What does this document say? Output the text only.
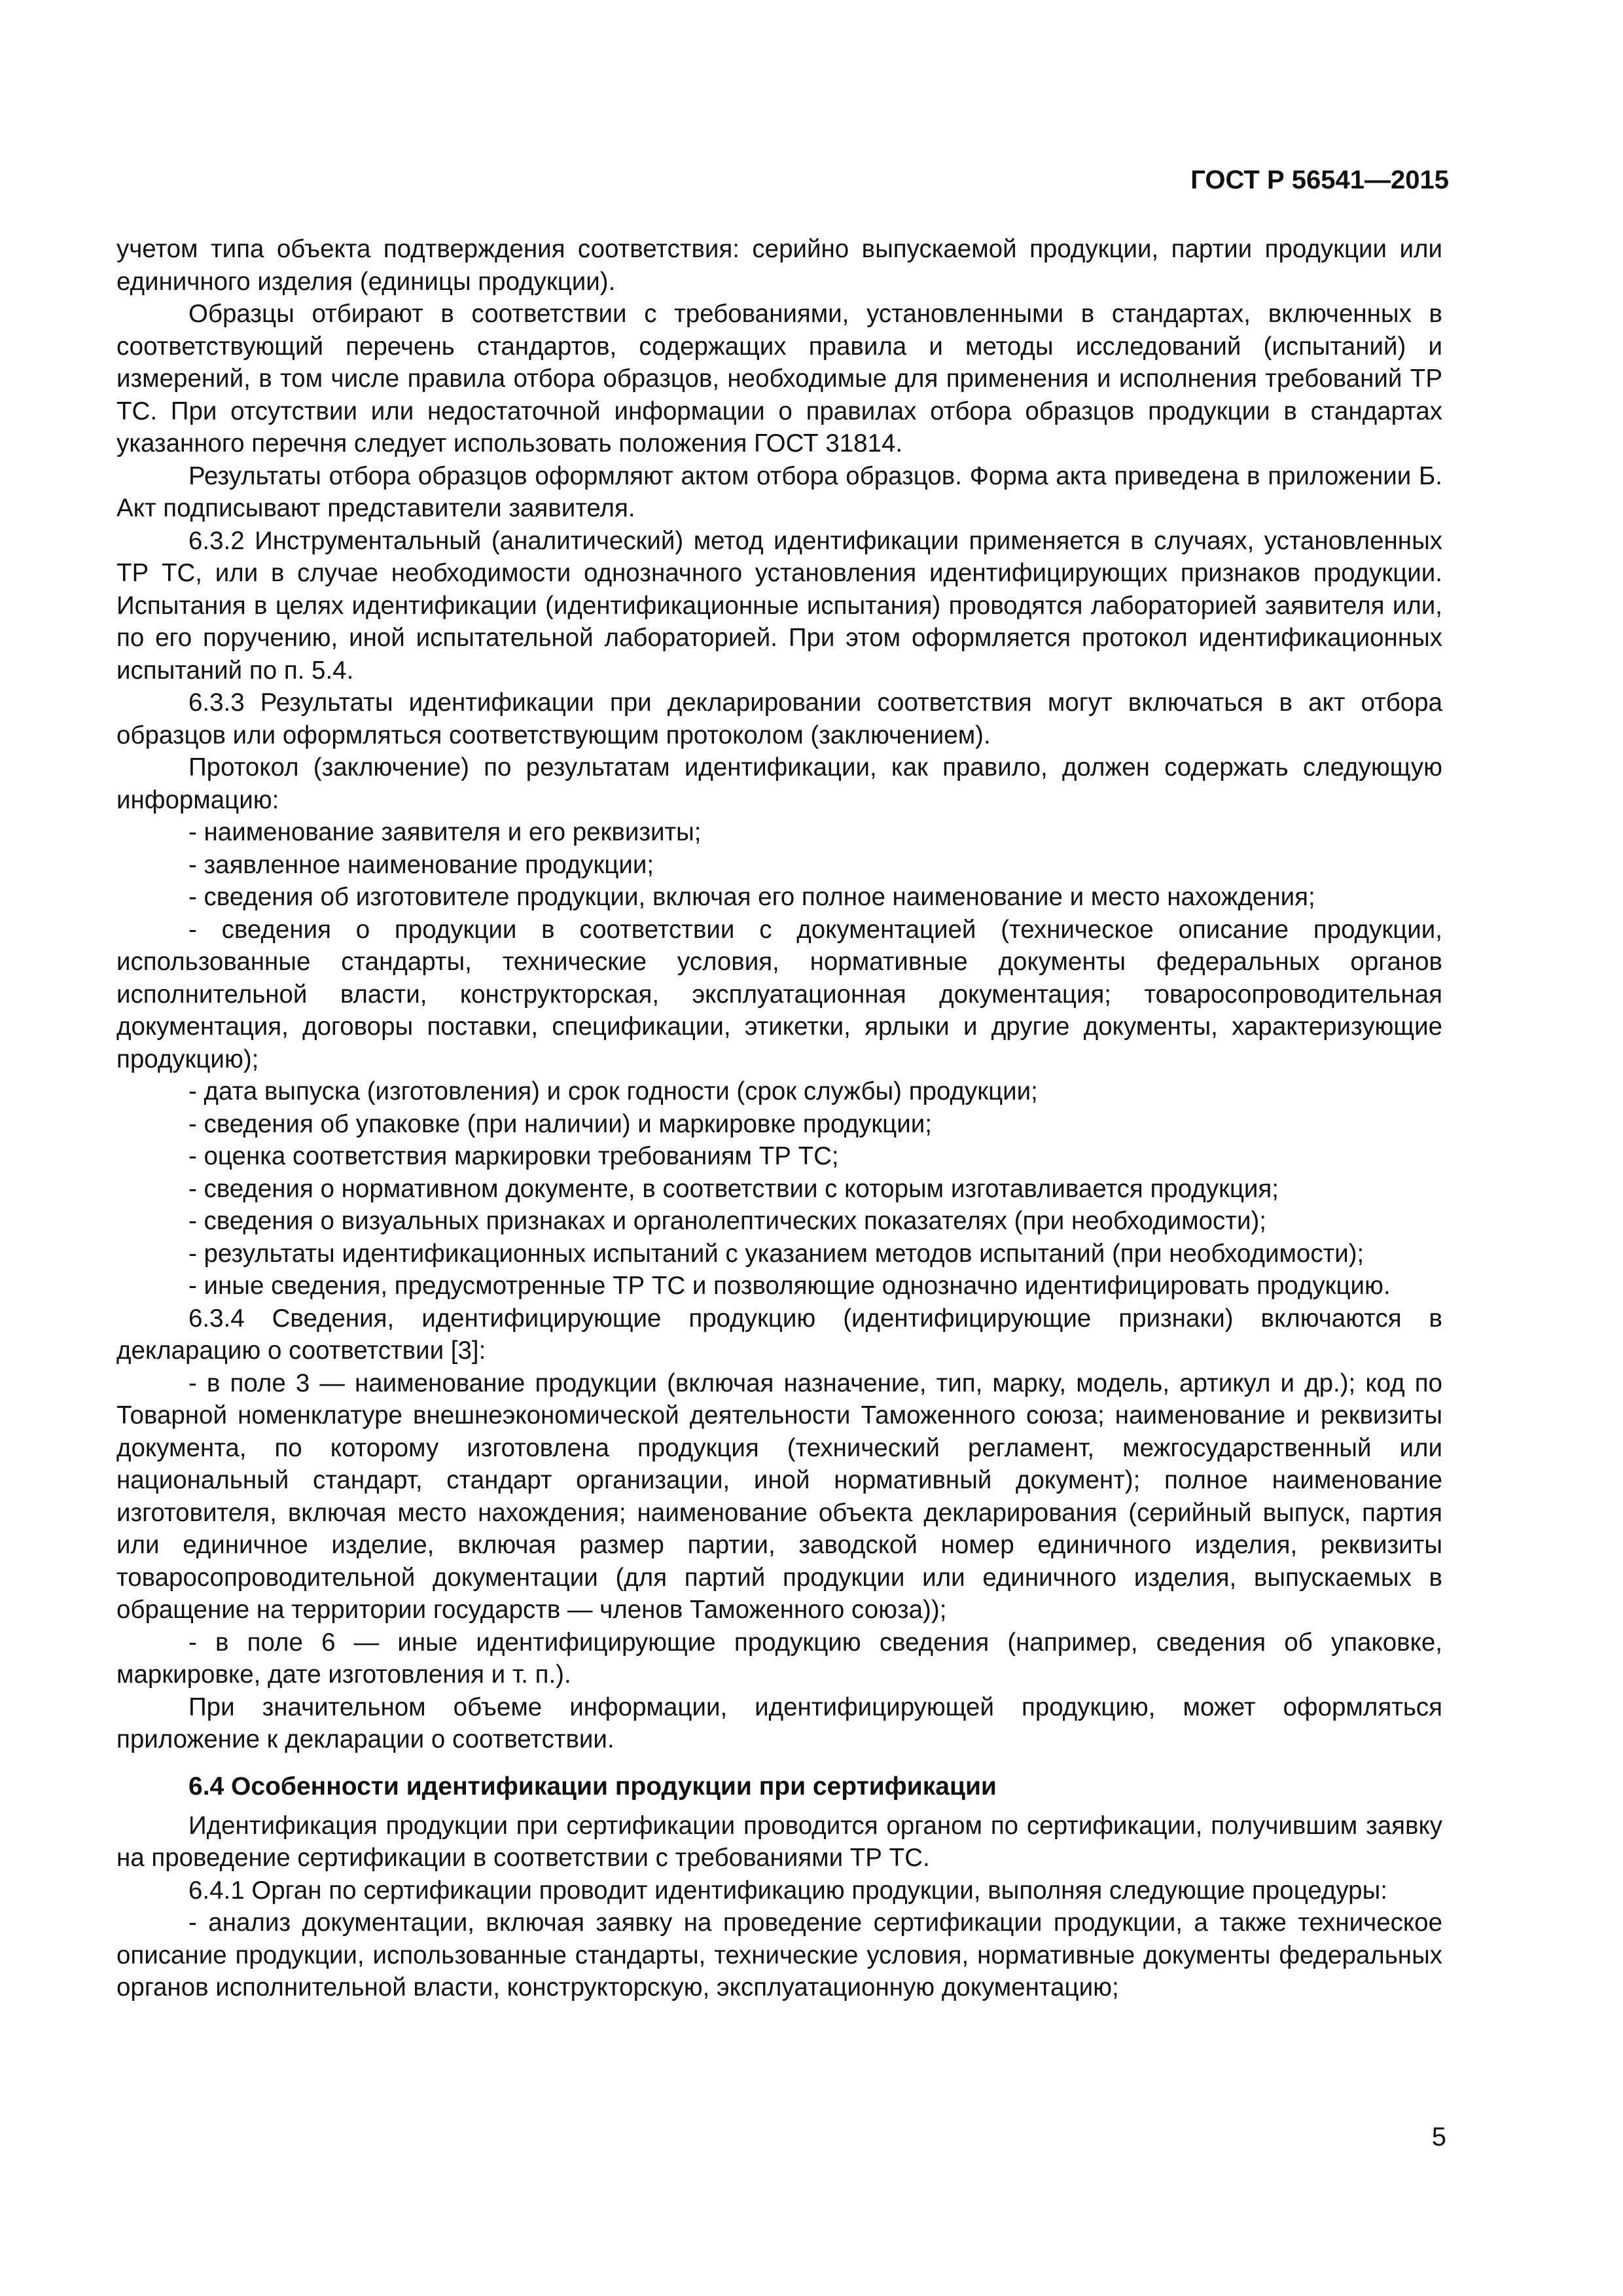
ГОСТ Р 56541—2015

учетом типа объекта подтверждения соответствия: серийно выпускаемой продукции, партии продукции или единичного изделия (единицы продукции).

Образцы отбирают в соответствии с требованиями, установленными в стандартах, включенных в соответствующий перечень стандартов, содержащих правила и методы исследований (испытаний) и измерений, в том числе правила отбора образцов, необходимые для применения и исполнения требований ТР ТС. При отсутствии или недостаточной информации о правилах отбора образцов продукции в стандартах указанного перечня следует использовать положения ГОСТ 31814.

Результаты отбора образцов оформляют актом отбора образцов. Форма акта приведена в приложении Б. Акт подписывают представители заявителя.

6.3.2 Инструментальный (аналитический) метод идентификации применяется в случаях, установленных ТР ТС, или в случае необходимости однозначного установления идентифицирующих признаков продукции. Испытания в целях идентификации (идентификационные испытания) проводятся лабораторией заявителя или, по его поручению, иной испытательной лабораторией. При этом оформляется протокол идентификационных испытаний по п. 5.4.

6.3.3 Результаты идентификации при декларировании соответствия могут включаться в акт отбора образцов или оформляться соответствующим протоколом (заключением).

Протокол (заключение) по результатам идентификации, как правило, должен содержать следующую информацию:

- наименование заявителя и его реквизиты;

- заявленное наименование продукции;

- сведения об изготовителе продукции, включая его полное наименование и место нахождения;

- сведения о продукции в соответствии с документацией (техническое описание продукции, использованные стандарты, технические условия, нормативные документы федеральных органов исполнительной власти, конструкторская, эксплуатационная документация; товаросопроводительная документация, договоры поставки, спецификации, этикетки, ярлыки и другие документы, характеризующие продукцию);

- дата выпуска (изготовления) и срок годности (срок службы) продукции;

- сведения об упаковке (при наличии) и маркировке продукции;

- оценка соответствия маркировки требованиям ТР ТС;

- сведения о нормативном документе, в соответствии с которым изготавливается продукция;

- сведения о визуальных признаках и органолептических показателях (при необходимости);

- результаты идентификационных испытаний с указанием методов испытаний (при необходимости);

- иные сведения, предусмотренные ТР ТС и позволяющие однозначно идентифицировать продукцию.

6.3.4 Сведения, идентифицирующие продукцию (идентифицирующие признаки) включаются в декларацию о соответствии [3]:

- в поле 3 — наименование продукции (включая назначение, тип, марку, модель, артикул и др.); код по Товарной номенклатуре внешнеэкономической деятельности Таможенного союза; наименование и реквизиты документа, по которому изготовлена продукция (технический регламент, межгосударственный или национальный стандарт, стандарт организации, иной нормативный документ); полное наименование изготовителя, включая место нахождения; наименование объекта декларирования (серийный выпуск, партия или единичное изделие, включая размер партии, заводской номер единичного изделия, реквизиты товаросопроводительной документации (для партий продукции или единичного изделия, выпускаемых в обращение на территории государств — членов Таможенного союза));

- в поле 6 — иные идентифицирующие продукцию сведения (например, сведения об упаковке, маркировке, дате изготовления и т. п.).

При значительном объеме информации, идентифицирующей продукцию, может оформляться приложение к декларации о соответствии.

6.4 Особенности идентификации продукции при сертификации

Идентификация продукции при сертификации проводится органом по сертификации, получившим заявку на проведение сертификации в соответствии с требованиями ТР ТС.

6.4.1 Орган по сертификации проводит идентификацию продукции, выполняя следующие процедуры:

- анализ документации, включая заявку на проведение сертификации продукции, а также техническое описание продукции, использованные стандарты, технические условия, нормативные документы федеральных органов исполнительной власти, конструкторскую, эксплуатационную документацию;

5
